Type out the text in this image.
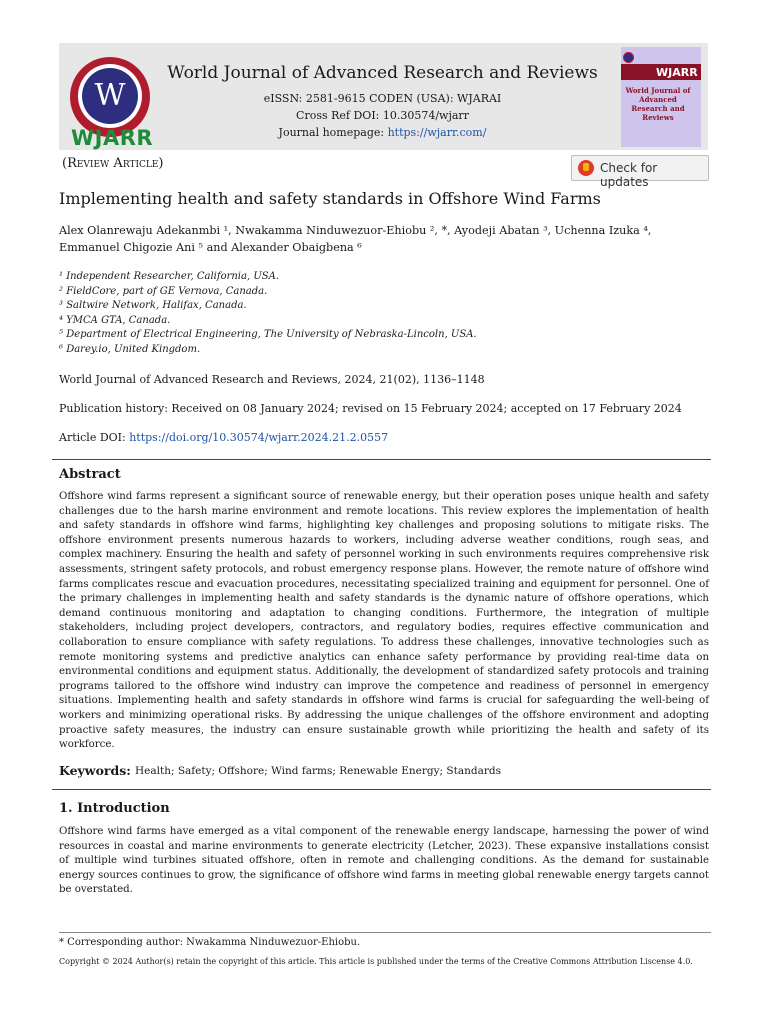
W
WJARR
World Journal of Advanced Research and Reviews
eISSN: 2581-9615 CODEN (USA): WJARAI
Cross Ref DOI: 10.30574/wjarr
Journal homepage: https://wjarr.com/
WJARR
World Journal of Advanced Research and Reviews
(Review Article)	Check for updates
Implementing health and safety standards in Offshore Wind Farms
Alex Olanrewaju Adekanmbi ¹, Nwakamma Ninduwezuor-Ehiobu ², *, Ayodeji Abatan ³, Uchenna Izuka ⁴,
Emmanuel Chigozie Ani ⁵ and Alexander Obaigbena ⁶
¹ Independent Researcher, California, USA.
² FieldCore, part of GE Vernova, Canada.
³ Saltwire Network, Halifax, Canada.
⁴ YMCA GTA, Canada.
⁵ Department of Electrical Engineering, The University of Nebraska-Lincoln, USA.
⁶ Darey.io, United Kingdom.
World Journal of Advanced Research and Reviews, 2024, 21(02), 1136–1148
Publication history: Received on 08 January 2024; revised on 15 February 2024; accepted on 17 February 2024
Article DOI: https://doi.org/10.30574/wjarr.2024.21.2.0557
Abstract
Offshore wind farms represent a significant source of renewable energy, but their operation poses unique health and safety challenges due to the harsh marine environment and remote locations. This review explores the implementation of health and safety standards in offshore wind farms, highlighting key challenges and proposing solutions to mitigate risks. The offshore environment presents numerous hazards to workers, including adverse weather conditions, rough seas, and complex machinery. Ensuring the health and safety of personnel working in such environments requires comprehensive risk assessments, stringent safety protocols, and robust emergency response plans. However, the remote nature of offshore wind farms complicates rescue and evacuation procedures, necessitating specialized training and equipment for personnel. One of the primary challenges in implementing health and safety standards is the dynamic nature of offshore operations, which demand continuous monitoring and adaptation to changing conditions. Furthermore, the integration of multiple stakeholders, including project developers, contractors, and regulatory bodies, requires effective communication and collaboration to ensure compliance with safety regulations. To address these challenges, innovative technologies such as remote monitoring systems and predictive analytics can enhance safety performance by providing real-time data on environmental conditions and equipment status. Additionally, the development of standardized safety protocols and training programs tailored to the offshore wind industry can improve the competence and readiness of personnel in emergency situations. Implementing health and safety standards in offshore wind farms is crucial for safeguarding the well-being of workers and minimizing operational risks. By addressing the unique challenges of the offshore environment and adopting proactive safety measures, the industry can ensure sustainable growth while prioritizing the health and safety of its workforce.
Keywords: Health; Safety; Offshore; Wind farms; Renewable Energy; Standards
1. Introduction
Offshore wind farms have emerged as a vital component of the renewable energy landscape, harnessing the power of wind resources in coastal and marine environments to generate electricity (Letcher, 2023). These expansive installations consist of multiple wind turbines situated offshore, often in remote and challenging conditions. As the demand for sustainable energy sources continues to grow, the significance of offshore wind farms in meeting global renewable energy targets cannot be overstated.
* Corresponding author: Nwakamma Ninduwezuor-Ehiobu.
Copyright © 2024 Author(s) retain the copyright of this article. This article is published under the terms of the Creative Commons Attribution Liscense 4.0.
